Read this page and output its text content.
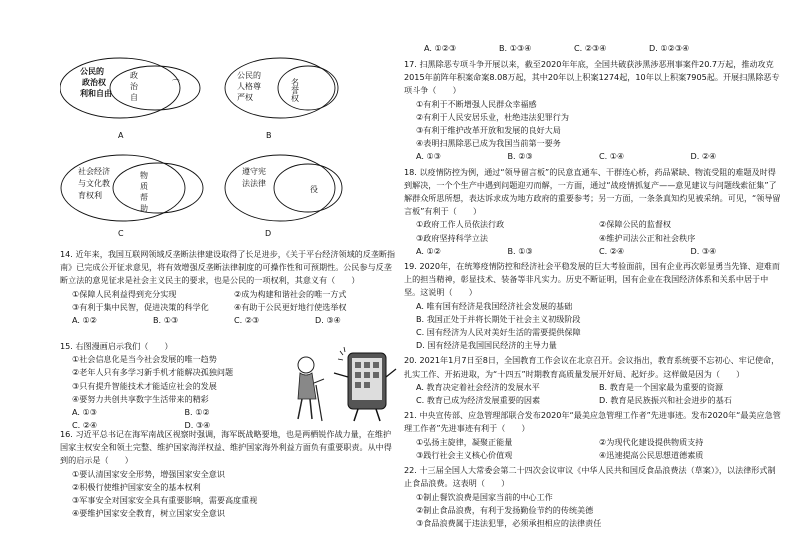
公民的
政治权
利和自由
政
治
自
⌒
A
公民的
人格尊
严权	名誉权
B
社会经济
与文化教
育权利
物
质
帮
助
C
遵守宪
法法律
役
D
14. 近年来，我国互联网领域反垄断法律建设取得了长足进步，《关于平台经济领域的反垄断指南》已完成公开征求意见，将有效增强反垄断法律制度的可操作性和可预期性。公民参与反垄断立法的意见征求是社会主义民主的要求，也是公民的一项权利，其意义有（　　）
①保障人民利益得到充分实现	②成为构建和谐社会的唯一方式
③有利于集中民智，促进决策的科学化	④有助于公民更好地行使选举权
A. ①②	B. ①③	C. ②③	D. ③④
15. 右图漫画启示我们（　　）
①社会信息化是当今社会发展的唯一趋势
②老年人只有多学习新手机才能解决孤独问题
③只有提升智能技术才能适应社会的发展
④要努力共创共享数字生活带来的精彩
A. ①③	B. ①②
C. ②④	D. ③④
16. 习近平总书记在海军南战区视察时强调，海军既战略要地，也是两栖锐作战力量，在维护国家主权安全和领土完整、维护国家海洋权益、维护国家海外利益方面负有重要职责。从中得到的启示是（　　）
①要认清国家安全形势，增强国家安全意识
②积极行使维护国家安全的基本权利
③军事安全对国家安全具有重要影响，需要高度重视
④要维护国家安全教育，树立国家安全意识
A. ①②③	B. ①③④	C. ②③④	D. ①②③④
17. 扫黑除恶专项斗争开展以来，截至2020年年底，全国共破获涉黑涉恶刑事案件20.7万起，推动攻克2015年前阵年积案命案8.08万起，其中20年以上积案1274起，10年以上积案7905起。开展扫黑除恶专项斗争（　　）
①有利于不断增强人民群众幸福感
②有利于人民安居乐业，杜绝违法犯罪行为
③有利于维护改革开放和发展的良好大局
④表明扫黑除恶已成为我国当前第一要务
A. ①③	B. ②③	C. ①④	D. ②④
18. 以疫情防控为例，通过“领导留言板”的民意直通车、干群连心桥，药品紧缺、物流受阻的难题及时得到解决，一个个生产中遇到问题迎刃而解，一方面，通过“战疫情抓复产——意见建议与问题线索征集”了解群众所思所想，表达诉求成为地方政府的重要参考；另一方面，一条条真知灼见被采纳。可见，“领导留言板”有利于（　　）
①政府工作人员依法行政	②保障公民的监督权
③政府坚持科学立法	④维护司法公正和社会秩序
A. ①②	B. ①③	C. ②④	D. ③④
19. 2020年，在统筹疫情防控和经济社会平稳发展的巨大考验面前，国有企业再次彰显勇当先锋、迎难而上的担当精神，彰显技术、装备等非凡实力。历史不断证明，国有企业在我国经济体系和关系中居于中坚。这说明（　　）
A. 唯有国有经济是我国经济社会发展的基础
B. 我国正处于并将长期处于社会主义初级阶段
C. 国有经济为人民对美好生活的需要提供保障
D. 国有经济是我国国民经济的主导力量
20. 2021年1月7日至8日，全国教育工作会议在北京召开。会议指出，教育系统要不忘初心、牢记使命，扎实工作、开拓进取，为“十四五”时期教育高质量发展开好局、起好步。这样做是因为（　　）
A. 教育决定着社会经济的发展水平	B. 教育是一个国家最为重要的资源
C. 教育已成为经济发展重要的因素	D. 教育是民族振兴和社会进步的基石
21. 中央宣传部、应急管理部联合发布2020年“最美应急管理工作者”先进事迹。发布2020年“最美应急管理工作者”先进事迹有利于（　　）
①弘扬主旋律，凝聚正能量	②为现代化建设提供物质支持
③践行社会主义核心价值观	④迅速提高公民思想道德素质
22. 十三届全国人大常委会第二十四次会议审议《中华人民共和国反食品浪费法（草案）》，以法律形式制止食品浪费。这表明（　　）
①制止餐饮浪费是国家当前的中心工作
②制止食品浪费，有利于发扬勤俭节约的传统美德
③食品浪费属于违法犯罪，必须承担相应的法律责任
